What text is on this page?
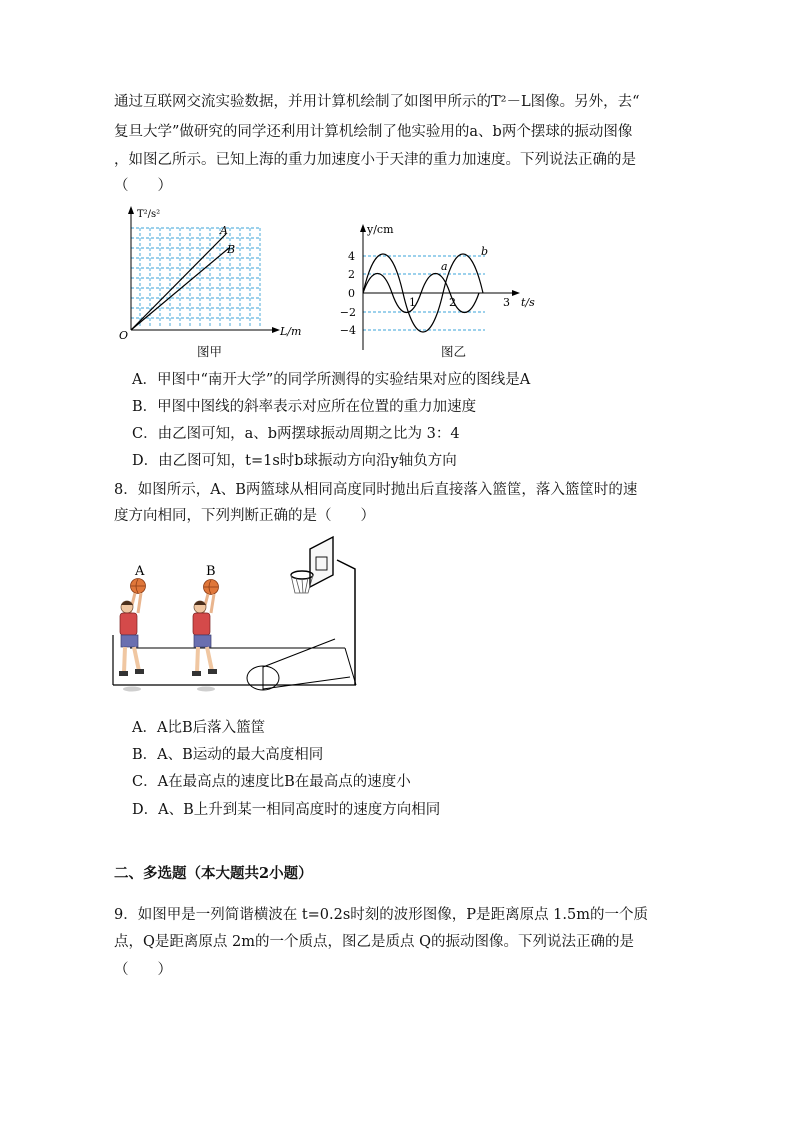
通过互联网交流实验数据，并用计算机绘制了如图甲所示的T²－L图像。另外，去“
复旦大学”做研究的同学还利用计算机绘制了他实验用的a、b两个摆球的振动图像
，如图乙所示。已知上海的重力加速度小于天津的重力加速度。下列说法正确的是
（　　）
A
B
T²/s²
L/m
O
图甲
a
b
y/cm
t/s
4
2
0
−2
−4
1	2	3
图乙
A．甲图中“南开大学”的同学所测得的实验结果对应的图线是A
B．甲图中图线的斜率表示对应所在位置的重力加速度
C．由乙图可知，a、b两摆球振动周期之比为 3：4
D．由乙图可知，t=1s时b球振动方向沿y轴负方向
8．如图所示，A、B两篮球从相同高度同时抛出后直接落入篮筐，落入篮筐时的速
度方向相同，下列判断正确的是（　　）
A	B
A．A比B后落入篮筐
B．A、B运动的最大高度相同
C．A在最高点的速度比B在最高点的速度小
D．A、B上升到某一相同高度时的速度方向相同
二、多选题（本大题共2小题）
9．如图甲是一列简谐横波在 t=0.2s时刻的波形图像，P是距离原点 1.5m的一个质
点，Q是距离原点 2m的一个质点，图乙是质点 Q的振动图像。下列说法正确的是
（　　）
